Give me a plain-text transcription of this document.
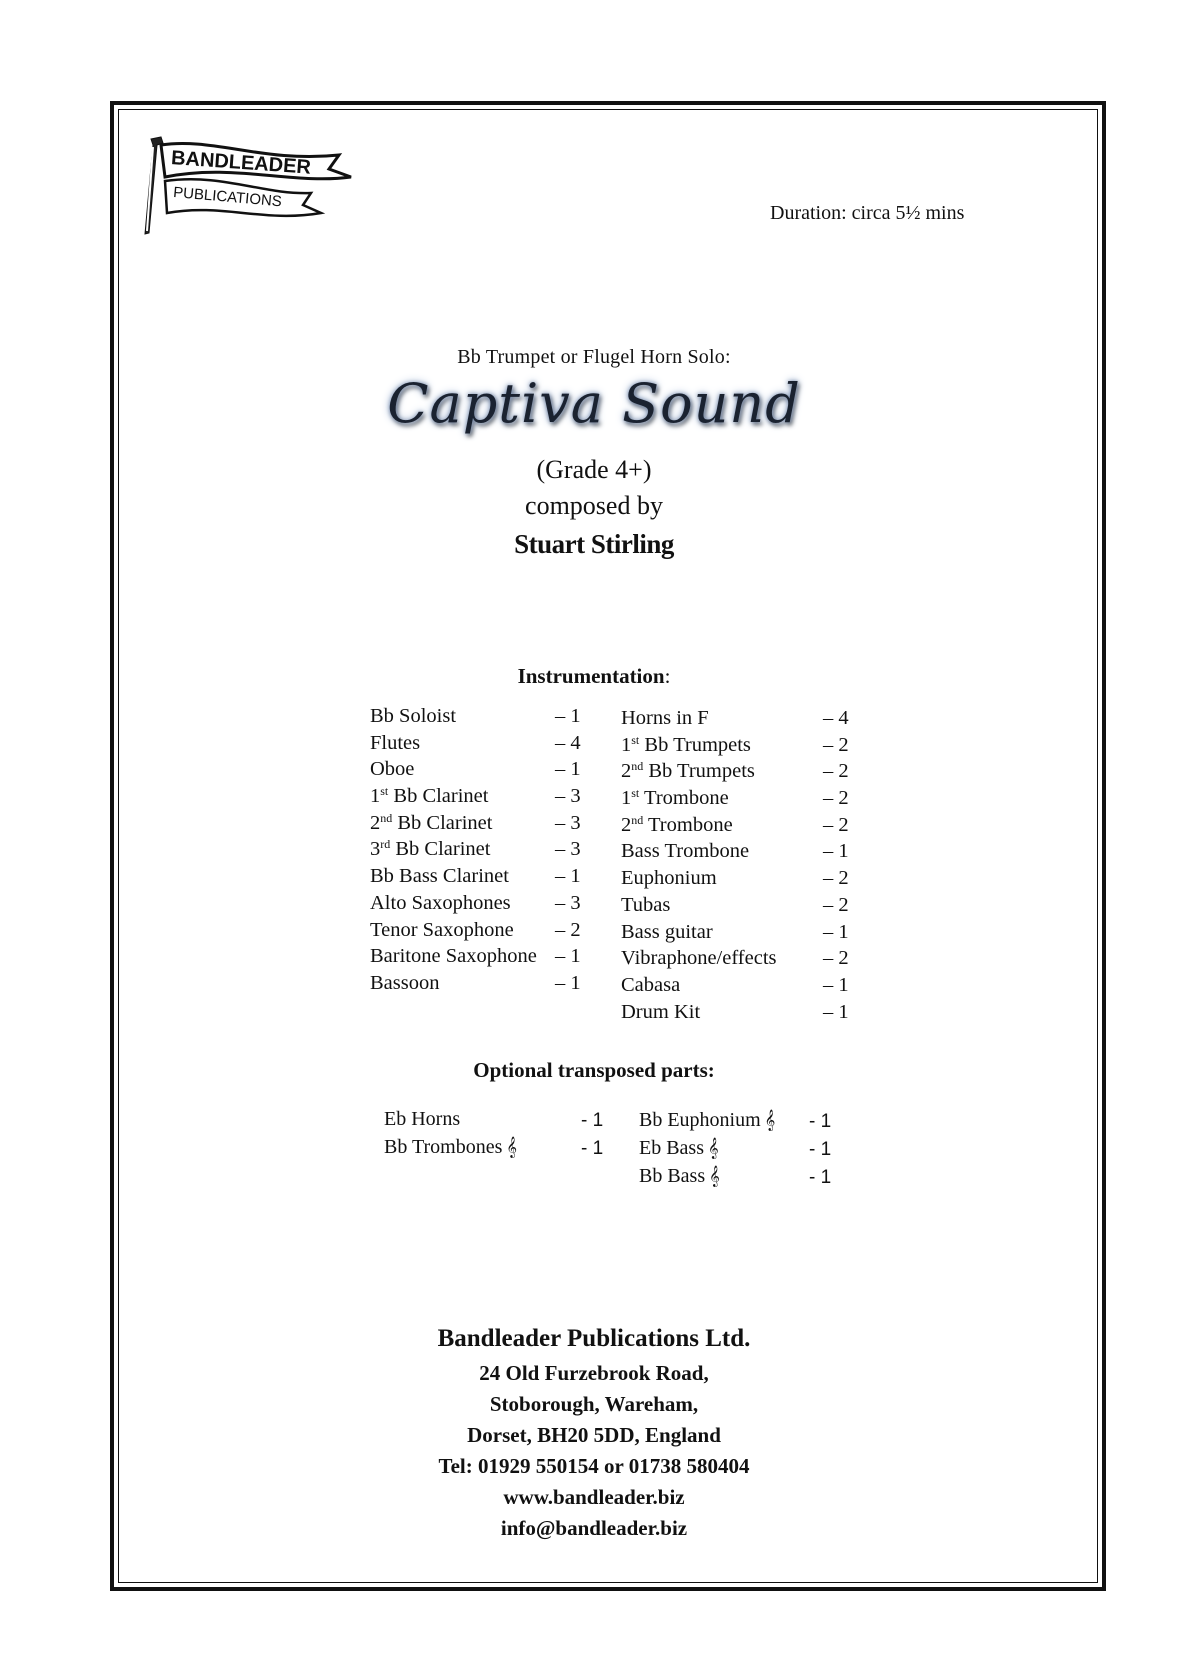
BANDLEADER
PUBLICATIONS
Duration: circa 5½ mins
Bb Trumpet or Flugel Horn Solo:
Captiva Sound
(Grade 4+)
composed by
Stuart Stirling
Instrumentation:
Bb Soloist	– 1
Flutes	– 4
Oboe	– 1
1st Bb Clarinet	– 3
2nd Bb Clarinet	– 3
3rd Bb Clarinet	– 3
Bb Bass Clarinet – 1
Alto Saxophones – 3
Tenor Saxophone – 2
Baritone Saxophone – 1
Bassoon	– 1
Horns in F	– 4
1st Bb Trumpets	– 2
2nd Bb Trumpets	– 2
1st Trombone	– 2
2nd Trombone	– 2
Bass Trombone	– 1
Euphonium	– 2
Tubas	– 2
Bass guitar	– 1
Vibraphone/effects – 2
Cabasa	– 1
Drum Kit	– 1
Optional transposed parts:
Eb Horns	- 1
Bb Trombones 𝄞	- 1
Bb Euphonium 𝄞 - 1
Eb Bass 𝄞	- 1
Bb Bass 𝄞	- 1
Bandleader Publications Ltd.
24 Old Furzebrook Road,
Stoborough, Wareham,
Dorset, BH20 5DD, England
Tel: 01929 550154 or 01738 580404
www.bandleader.biz
info@bandleader.biz
